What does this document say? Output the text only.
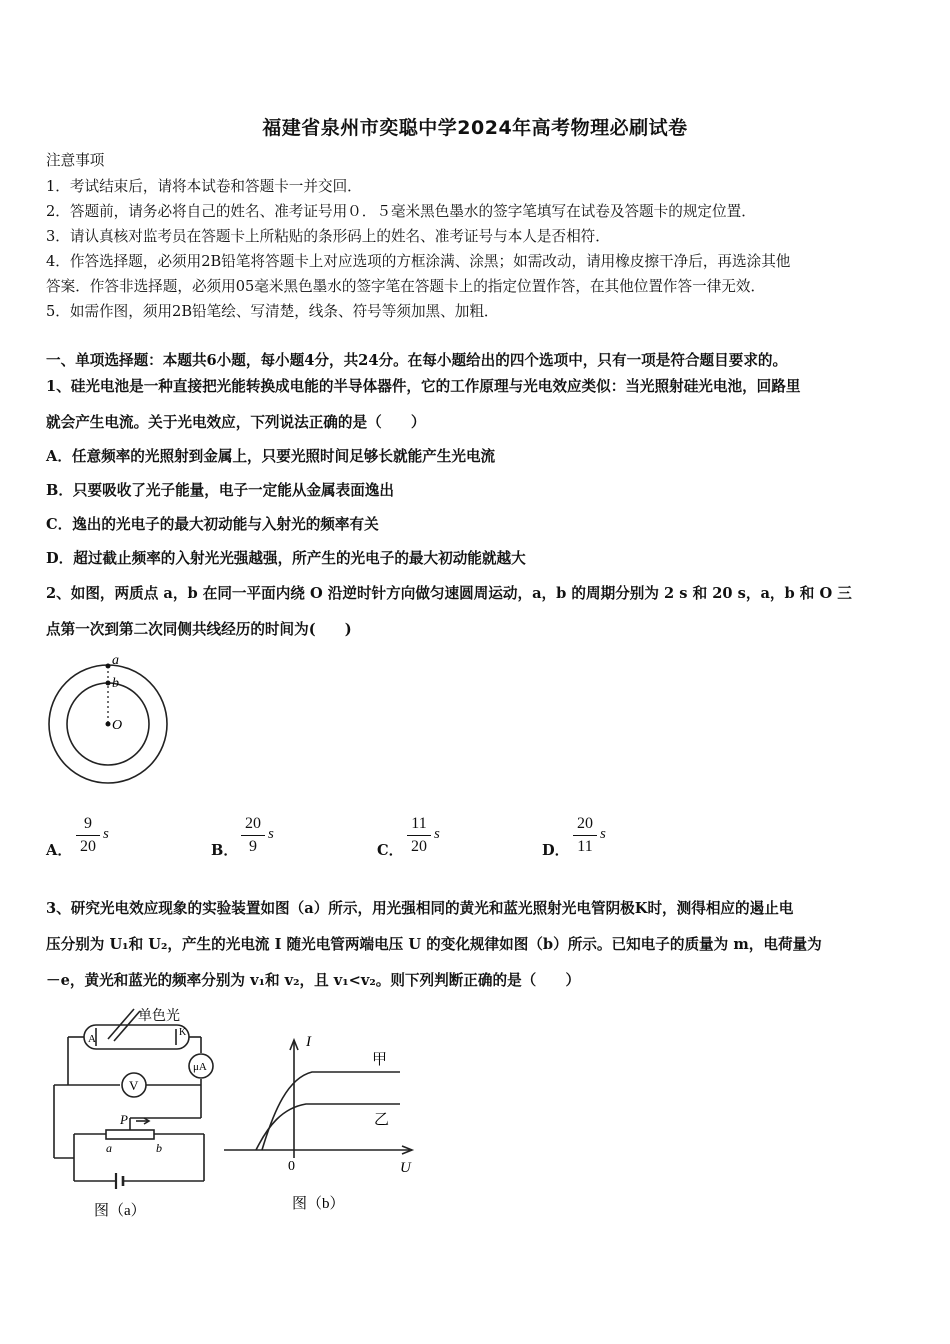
福建省泉州市奕聪中学2024年高考物理必刷试卷
注意事项
1．考试结束后，请将本试卷和答题卡一并交回．
2．答题前，请务必将自己的姓名、准考证号用０．５毫米黑色墨水的签字笔填写在试卷及答题卡的规定位置．
3．请认真核对监考员在答题卡上所粘贴的条形码上的姓名、准考证号与本人是否相符．
4．作答选择题，必须用2B铅笔将答题卡上对应选项的方框涂满、涂黑；如需改动，请用橡皮擦干净后，再选涂其他
答案．作答非选择题，必须用05毫米黑色墨水的签字笔在答题卡上的指定位置作答，在其他位置作答一律无效．
5．如需作图，须用2B铅笔绘、写清楚，线条、符号等须加黑、加粗．
一、单项选择题：本题共6小题，每小题4分，共24分。在每小题给出的四个选项中，只有一项是符合题目要求的。
1、硅光电池是一种直接把光能转换成电能的半导体器件，它的工作原理与光电效应类似：当光照射硅光电池，回路里
就会产生电流。关于光电效应，下列说法正确的是（　　）
A．任意频率的光照射到金属上，只要光照时间足够长就能产生光电流
B．只要吸收了光子能量，电子一定能从金属表面逸出
C．逸出的光电子的最大初动能与入射光的频率有关
D．超过截止频率的入射光光强越强，所产生的光电子的最大初动能就越大
2、如图，两质点 a，b 在同一平面内绕 O 沿逆时针方向做匀速圆周运动，a，b 的周期分别为 2 s 和 20 s，a，b 和 O 三
点第一次到第二次同侧共线经历的时间为(　　)
a
b
O
A．
9
20
s
B．
20
9
s
C．
11
20
s
D．
20
11
s
3、研究光电效应现象的实验装置如图（a）所示，用光强相同的黄光和蓝光照射光电管阴极K时，测得相应的遏止电
压分别为 U₁和 U₂，产生的光电流 I 随光电管两端电压 U 的变化规律如图（b）所示。已知电子的质量为 m，电荷量为
－e，黄光和蓝光的频率分别为 v₁和 v₂，且 v₁<v₂。则下列判断正确的是（　　）
单色光
A
K
μA
V
P
a	b
图（a）
I
U
0
甲
乙
图（b）
